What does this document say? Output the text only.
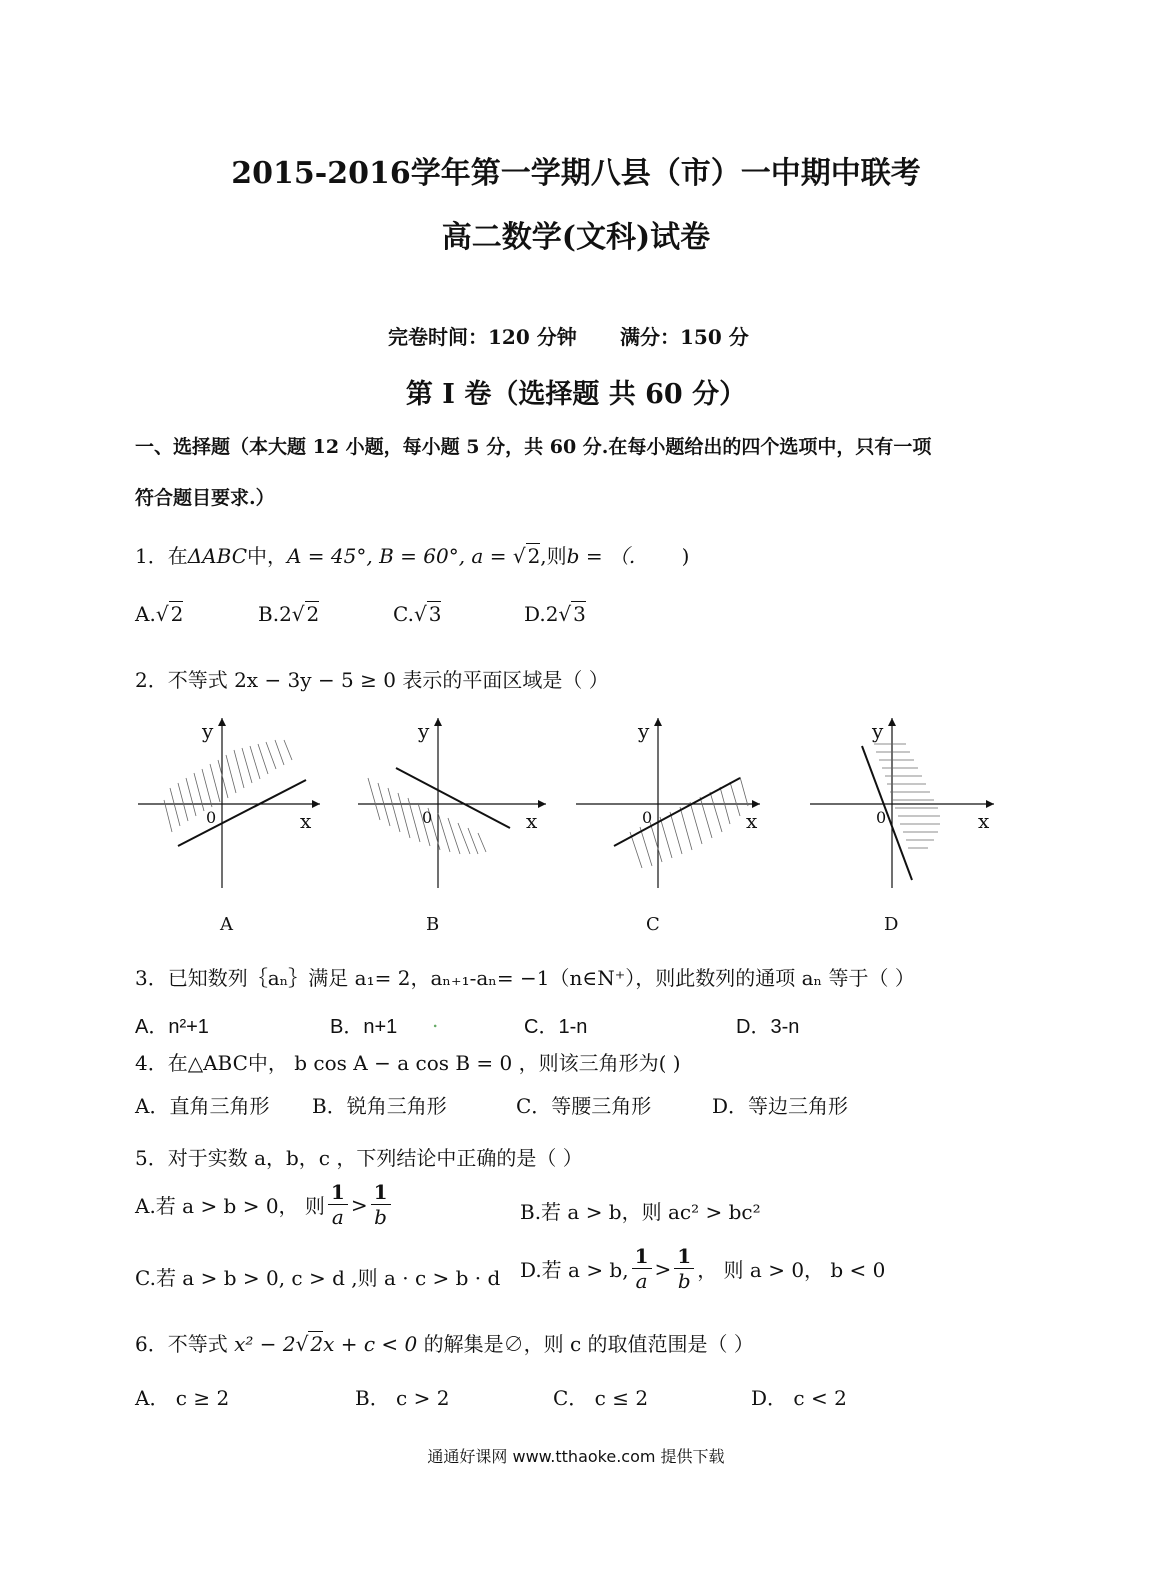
2015-2016学年第一学期八县（市）一中期中联考
高二数学(文科)试卷
完卷时间：120 分钟 满分：150 分
第 I 卷（选择题 共 60 分）
一、选择题（本大题 12 小题，每小题 5 分，共 60 分.在每小题给出的四个选项中，只有一项
符合题目要求.）
1．在ΔABC中，A = 45°, B = 60°, a = √ 2,则b = （. )
A.√ 2	B.2√ 2	C.√ 3	D.2√ 3
2．不等式 2x − 3y − 5 ≥ 0 表示的平面区域是（ ）
y
x
0
A
y
x
0
B
y
x
0
C
y
x
0
D
3．已知数列｛aₙ｝满足 a₁= 2，aₙ₊₁-aₙ= −1（n∈N⁺），则此数列的通项 aₙ 等于（ ）
A．n²+1	B．n+1 .	C．1-n	D．3-n
4．在△ABC中， b cos A − a cos B = 0 ，则该三角形为( )
A．直角三角形 B．锐角三角形	C．等腰三角形	D．等边三角形
5．对于实数 a，b，c ，下列结论中正确的是（ ）
A.若 a > b > 0， 则 $\frac{1}{a} > \frac{1}{b}$	B.若 a > b，则 ac² > bc²
C.若 a > b > 0, c > d ,则 a · c > b · d D.若 a > b, $\frac{1}{a} > \frac{1}{b}$ ， 则 a > 0， b < 0
6．不等式 x² − 2√ 2x + c < 0 的解集是∅，则 c 的取值范围是（ ）
A． c ≥ 2	B． c > 2	C． c ≤ 2	D． c < 2
通通好课网 www.tthaoke.com 提供下载
